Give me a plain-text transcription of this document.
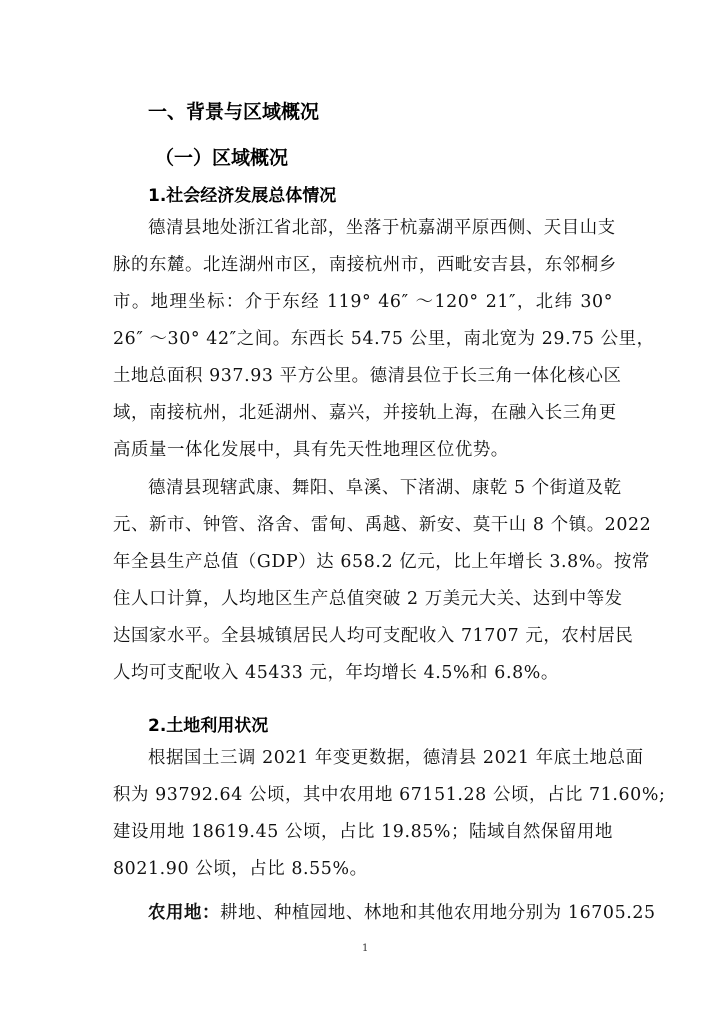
一、背景与区域概况
（一）区域概况
1.社会经济发展总体情况
德清县地处浙江省北部，坐落于杭嘉湖平原西侧、天目山支
脉的东麓。北连湖州市区，南接杭州市，西毗安吉县，东邻桐乡
市。地理坐标：介于东经 119° 46″ ～120° 21″，北纬 30°
26″ ～30° 42″之间。东西长 54.75 公里，南北宽为 29.75 公里，
土地总面积 937.93 平方公里。德清县位于长三角一体化核心区
域，南接杭州，北延湖州、嘉兴，并接轨上海，在融入长三角更
高质量一体化发展中，具有先天性地理区位优势。
德清县现辖武康、舞阳、阜溪、下渚湖、康乾 5 个街道及乾
元、新市、钟管、洛舍、雷甸、禹越、新安、莫干山 8 个镇。2022
年全县生产总值（GDP）达 658.2 亿元，比上年增长 3.8%。按常
住人口计算，人均地区生产总值突破 2 万美元大关、达到中等发
达国家水平。全县城镇居民人均可支配收入 71707 元，农村居民
人均可支配收入 45433 元，年均增长 4.5%和 6.8%。
2.土地利用状况
根据国土三调 2021 年变更数据，德清县 2021 年底土地总面
积为 93792.64 公顷，其中农用地 67151.28 公顷，占比 71.60%;
建设用地 18619.45 公顷，占比 19.85%；陆域自然保留用地
8021.90 公顷，占比 8.55%。
农用地：耕地、种植园地、林地和其他农用地分别为 16705.25
1
